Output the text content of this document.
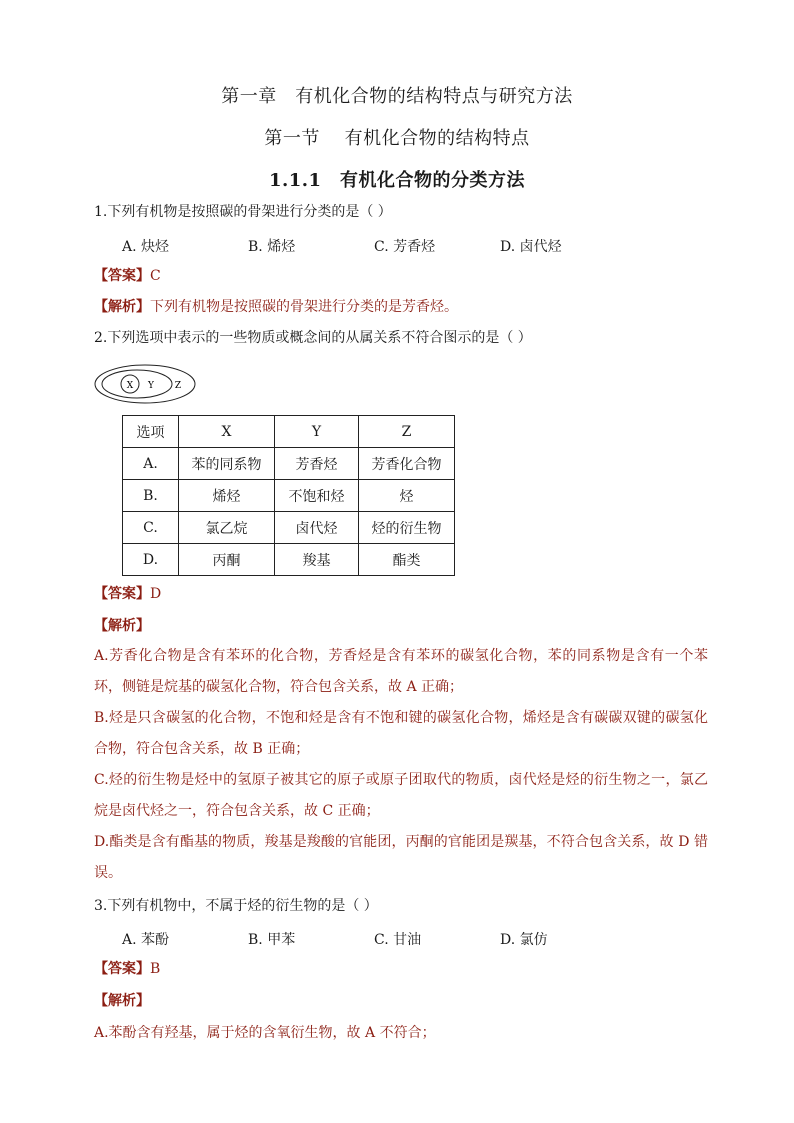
第一章　有机化合物的结构特点与研究方法
第一节　 有机化合物的结构特点
1.1.1　有机化合物的分类方法
1.下列有机物是按照碳的骨架进行分类的是（ ）
A. 炔烃	B. 烯烃	C. 芳香烃	D. 卤代烃
【答案】C
【解析】下列有机物是按照碳的骨架进行分类的是芳香烃。
2.下列选项中表示的一些物质或概念间的从属关系不符合图示的是（ ）
X Y Z
选项	X	Y	Z
A.	苯的同系物	芳香烃	芳香化合物
B.	烯烃	不饱和烃	烃
C.	氯乙烷	卤代烃	烃的衍生物
D.	丙酮	羧基	酯类
【答案】D
【解析】
A.芳香化合物是含有苯环的化合物，芳香烃是含有苯环的碳氢化合物，苯的同系物是含有一个苯环，侧链是烷基的碳氢化合物，符合包含关系，故 A 正确；
B.烃是只含碳氢的化合物，不饱和烃是含有不饱和键的碳氢化合物，烯烃是含有碳碳双键的碳氢化合物，符合包含关系，故 B 正确；
C.烃的衍生物是烃中的氢原子被其它的原子或原子团取代的物质，卤代烃是烃的衍生物之一，氯乙烷是卤代烃之一，符合包含关系，故 C 正确；
D.酯类是含有酯基的物质，羧基是羧酸的官能团，丙酮的官能团是羰基，不符合包含关系，故 D 错误。
3.下列有机物中，不属于烃的衍生物的是（ ）
A. 苯酚	B. 甲苯	C. 甘油	D. 氯仿
【答案】B
【解析】
A.苯酚含有羟基，属于烃的含氧衍生物，故 A 不符合；
